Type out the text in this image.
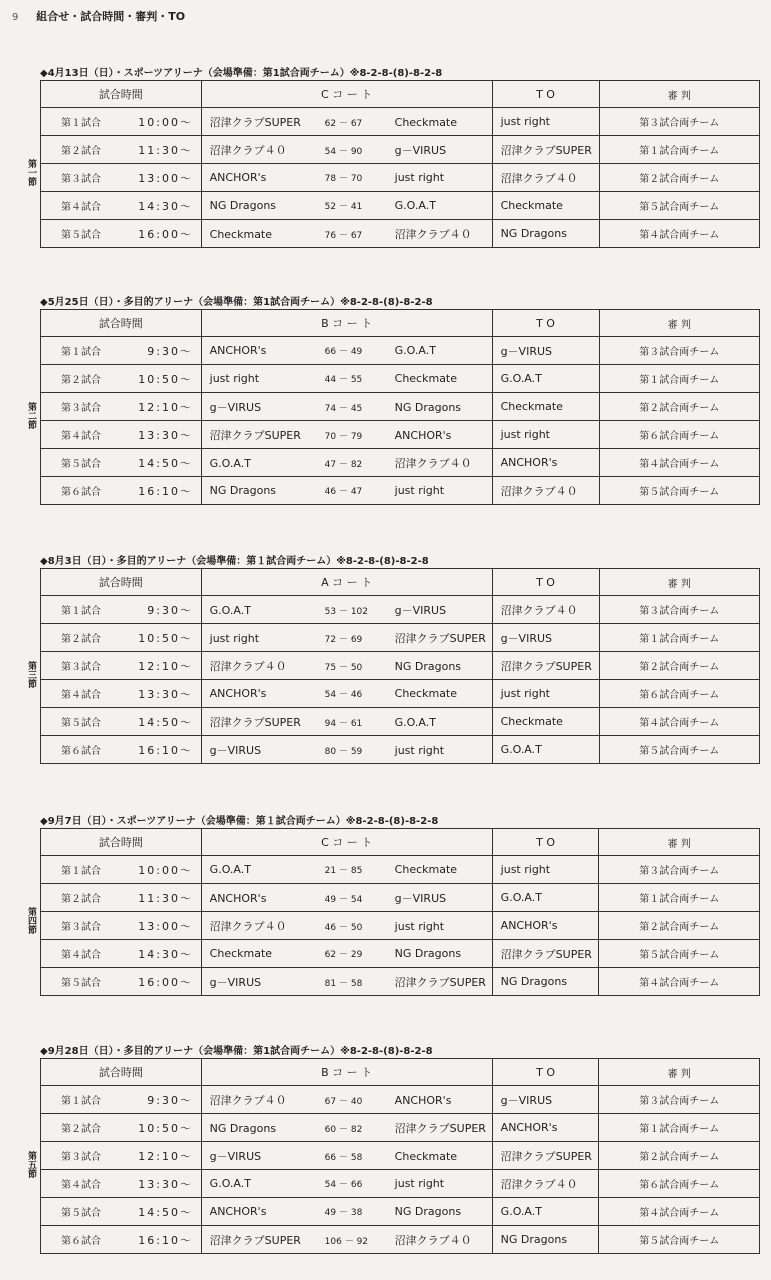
9 組合せ・試合時間・審判・TO
◆4月13日（日）・スポーツアリーナ（会場準備：第1試合両チーム）※8-2-8-(8)-8-2-8
第一節
試合時間	C コ ー ト	T O	審 判
第１試合 10:00～	沼津クラブSUPER 62 － 67 Checkmate	just right	第３試合両チーム
第２試合 11:30～	沼津クラブ４０ 54 － 90 g－VIRUS	沼津クラブSUPER	第１試合両チーム
第３試合 13:00～	ANCHOR's 78 － 70 just right	沼津クラブ４０	第２試合両チーム
第４試合 14:30～	NG Dragons 52 － 41 G.O.A.T	Checkmate	第５試合両チーム
第５試合 16:00～	Checkmate 76 － 67 沼津クラブ４０	NG Dragons	第４試合両チーム
◆5月25日（日）・多目的アリーナ（会場準備：第1試合両チーム）※8-2-8-(8)-8-2-8
第二節
試合時間	B コ ー ト	T O	審 判
第１試合 9:30～	ANCHOR's 66 － 49 G.O.A.T	g－VIRUS	第３試合両チーム
第２試合 10:50～	just right 44 － 55 Checkmate	G.O.A.T	第１試合両チーム
第３試合 12:10～	g－VIRUS 74 － 45 NG Dragons	Checkmate	第２試合両チーム
第４試合 13:30～	沼津クラブSUPER 70 － 79 ANCHOR's	just right	第６試合両チーム
第５試合 14:50～	G.O.A.T 47 － 82 沼津クラブ４０	ANCHOR's	第４試合両チーム
第６試合 16:10～	NG Dragons 46 － 47 just right	沼津クラブ４０	第５試合両チーム
◆8月3日（日）・多目的アリーナ（会場準備：第１試合両チーム）※8-2-8-(8)-8-2-8
第三節
試合時間	A コ ー ト	T O	審 判
第１試合 9:30～	G.O.A.T 53 － 102 g－VIRUS	沼津クラブ４０	第３試合両チーム
第２試合 10:50～	just right 72 － 69 沼津クラブSUPER	g－VIRUS	第１試合両チーム
第３試合 12:10～	沼津クラブ４０ 75 － 50 NG Dragons	沼津クラブSUPER	第２試合両チーム
第４試合 13:30～	ANCHOR's 54 － 46 Checkmate	just right	第６試合両チーム
第５試合 14:50～	沼津クラブSUPER 94 － 61 G.O.A.T	Checkmate	第４試合両チーム
第６試合 16:10～	g－VIRUS 80 － 59 just right	G.O.A.T	第５試合両チーム
◆9月7日（日）・スポーツアリーナ（会場準備：第１試合両チーム）※8-2-8-(8)-8-2-8
第四節
試合時間	C コ ー ト	T O	審 判
第１試合 10:00～	G.O.A.T 21 － 85 Checkmate	just right	第３試合両チーム
第２試合 11:30～	ANCHOR's 49 － 54 g－VIRUS	G.O.A.T	第１試合両チーム
第３試合 13:00～	沼津クラブ４０ 46 － 50 just right	ANCHOR's	第２試合両チーム
第４試合 14:30～	Checkmate 62 － 29 NG Dragons	沼津クラブSUPER	第５試合両チーム
第５試合 16:00～	g－VIRUS 81 － 58 沼津クラブSUPER	NG Dragons	第４試合両チーム
◆9月28日（日）・多目的アリーナ（会場準備：第1試合両チーム）※8-2-8-(8)-8-2-8
第五節
試合時間	B コ ー ト	T O	審 判
第１試合 9:30～	沼津クラブ４０ 67 － 40 ANCHOR's	g－VIRUS	第３試合両チーム
第２試合 10:50～	NG Dragons 60 － 82 沼津クラブSUPER	ANCHOR's	第１試合両チーム
第３試合 12:10～	g－VIRUS 66 － 58 Checkmate	沼津クラブSUPER	第２試合両チーム
第４試合 13:30～	G.O.A.T 54 － 66 just right	沼津クラブ４０	第６試合両チーム
第５試合 14:50～	ANCHOR's 49 － 38 NG Dragons	G.O.A.T	第４試合両チーム
第６試合 16:10～	沼津クラブSUPER 106 － 92 沼津クラブ４０	NG Dragons	第５試合両チーム
